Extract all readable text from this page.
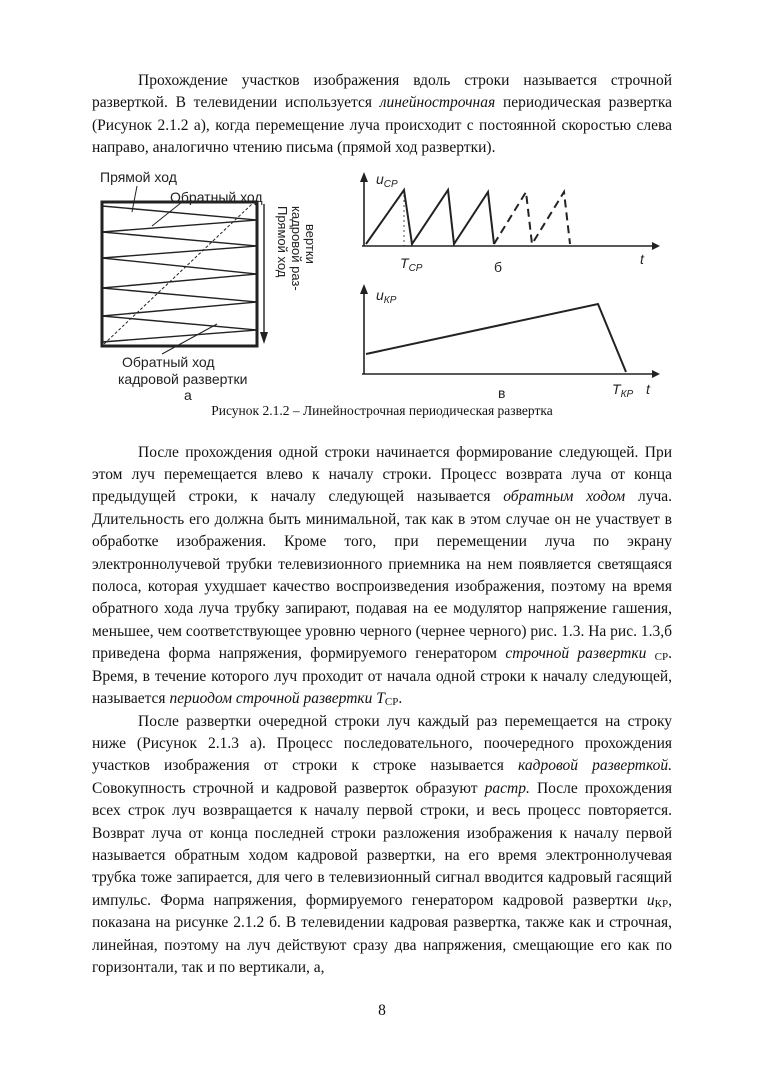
Прохождение участков изображения вдоль строки называется строчной разверткой. В телевидении используется линейнострочная периодическая развертка (Рисунок 2.1.2 а), когда перемещение луча происходит с постоянной скоростью слева направо, аналогично чтению письма (прямой ход развертки).

Прямой ход
Обратный ход
Прямой ход кадровой раз- вертки
Обратный ход
кадровой развертки
а
$u_{СР}$
$T_{СР}$
t
б
$u_{КР}$
$T_{КР}$ t
в
Рисунок 2.1.2 – Линейнострочная периодическая развертка

После прохождения одной строки начинается формирование следующей. При этом луч перемещается влево к началу строки. Процесс возврата луча от конца предыдущей строки, к началу следующей называется обратным ходом луча. Длительность его должна быть минимальной, так как в этом случае он не участвует в обработке изображения. Кроме того, при перемещении луча по экрану электроннолучевой трубки телевизионного приемника на нем появляется светящаяся полоса, которая ухудшает качество воспроизведения изображения, поэтому на время обратного хода луча трубку запирают, подавая на ее модулятор напряжение гашения, меньшее, чем соответствующее уровню черного (чернее черного) рис. 1.3. На рис. 1.3,б приведена форма напряжения, формируемого генератором строчной развертки $_{СР}$. Время, в течение которого луч проходит от начала одной строки к началу следующей, называется периодом строчной развертки $T_{СР}$.

После развертки очередной строки луч каждый раз перемещается на строку ниже (Рисунок 2.1.3 а). Процесс последовательного, поочередного прохождения участков изображения от строки к строке называется кадровой разверткой. Совокупность строчной и кадровой разверток образуют растр. После прохождения всех строк луч возвращается к началу первой строки, и весь процесс повторяется. Возврат луча от конца последней строки разложения изображения к началу первой называется обратным ходом кадровой развертки, на его время электроннолучевая трубка тоже запирается, для чего в телевизионный сигнал вводится кадровый гасящий импульс. Форма напряжения, формируемого генератором кадровой развертки $u_{КР}$, показана на рисунке 2.1.2 б. В телевидении кадровая развертка, также как и строчная, линейная, поэтому на луч действуют сразу два напряжения, смещающие его как по горизонтали, так и по вертикали, а,

8
